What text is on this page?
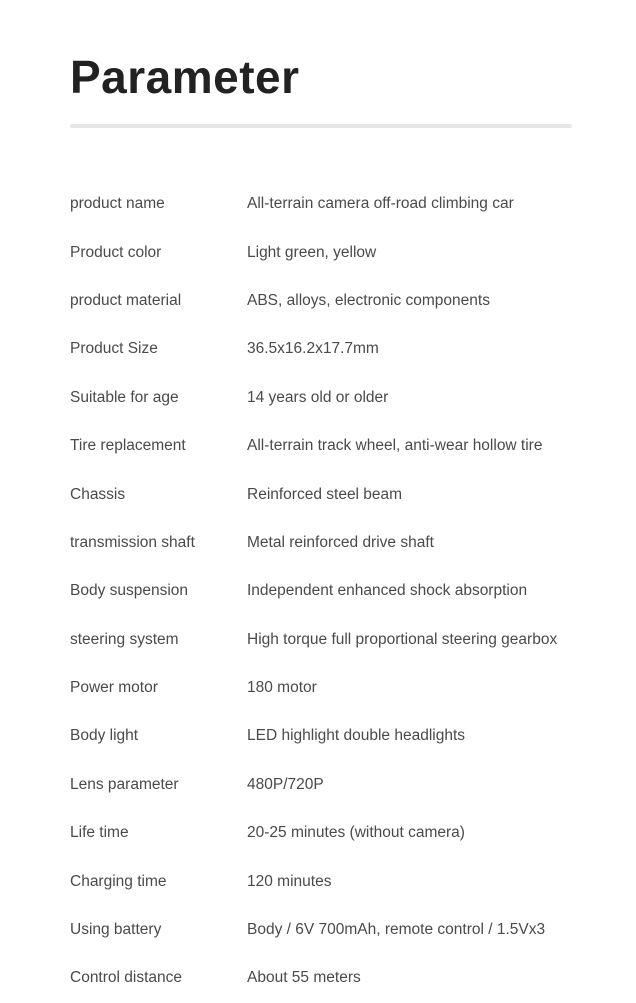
Parameter
product name	All-terrain camera off-road climbing car
Product color	Light green, yellow
product material	ABS, alloys, electronic components
Product Size	36.5x16.2x17.7mm
Suitable for age	14 years old or older
Tire replacement	All-terrain track wheel, anti-wear hollow tire
Chassis	Reinforced steel beam
transmission shaft	Metal reinforced drive shaft
Body suspension	Independent enhanced shock absorption
steering system	High torque full proportional steering gearbox
Power motor	180 motor
Body light	LED highlight double headlights
Lens parameter	480P/720P
Life time	20-25 minutes (without camera)
Charging time	120 minutes
Using battery	Body / 6V 700mAh, remote control / 1.5Vx3
Control distance	About 55 meters
